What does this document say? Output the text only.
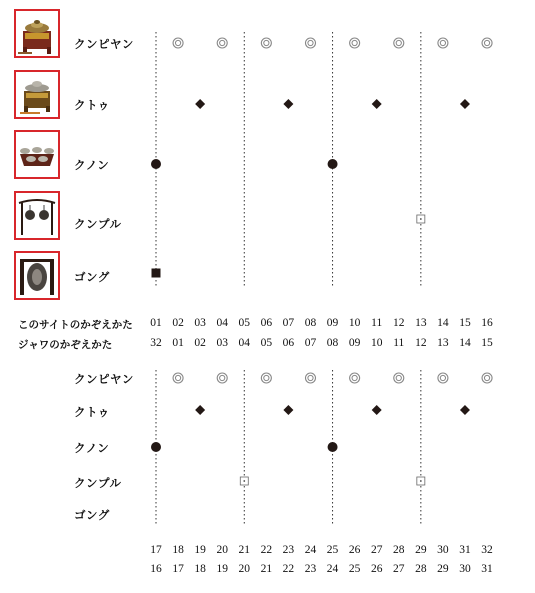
クンピヤン
クトゥ
クノン
クンプル
ゴング
このサイトのかぞえかた
ジャワのかぞえかた
クンピヤン
クトゥ
クノン
クンプル
ゴング
01 02 03 04 05 06 07 08 09 10 11 12 13 14 15 16
32 01 02 03 04 05 06 07 08 09 10 11 12 13 14 15
17 18 19 20 21 22 23 24 25 26 27 28 29 30 31 32
16 17 18 19 20 21 22 23 24 25 26 27 28 29 30 31
